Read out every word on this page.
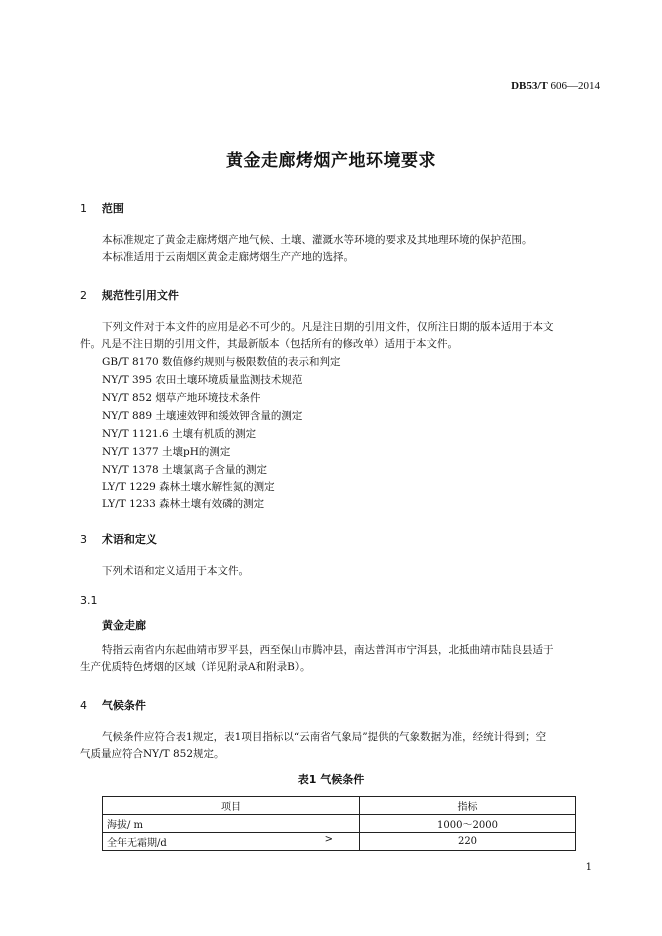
DB53/T 606—2014
黄金走廊烤烟产地环境要求
1 范围
本标准规定了黄金走廊烤烟产地气候、土壤、灌溉水等环境的要求及其地理环境的保护范围。
本标准适用于云南烟区黄金走廊烤烟生产产地的选择。
2 规范性引用文件
下列文件对于本文件的应用是必不可少的。凡是注日期的引用文件，仅所注日期的版本适用于本文
件。凡是不注日期的引用文件，其最新版本（包括所有的修改单）适用于本文件。
GB/T 8170 数值修约规则与极限数值的表示和判定
NY/T 395 农田土壤环境质量监测技术规范
NY/T 852 烟草产地环境技术条件
NY/T 889 土壤速效钾和缓效钾含量的测定
NY/T 1121.6 土壤有机质的测定
NY/T 1377 土壤pH的测定
NY/T 1378 土壤氯离子含量的测定
LY/T 1229 森林土壤水解性氮的测定
LY/T 1233 森林土壤有效磷的测定
3 术语和定义
下列术语和定义适用于本文件。
3.1
黄金走廊
特指云南省内东起曲靖市罗平县，西至保山市腾冲县，南达普洱市宁洱县，北抵曲靖市陆良县适于
生产优质特色烤烟的区域（详见附录A和附录B）。
4 气候条件
气候条件应符合表1规定，表1项目指标以“云南省气象局”提供的气象数据为准，经统计得到；空
气质量应符合NY/T 852规定。
表1 气候条件
项目	指标
海拔/ m	1000～2000
全年无霜期/d >	220
1
